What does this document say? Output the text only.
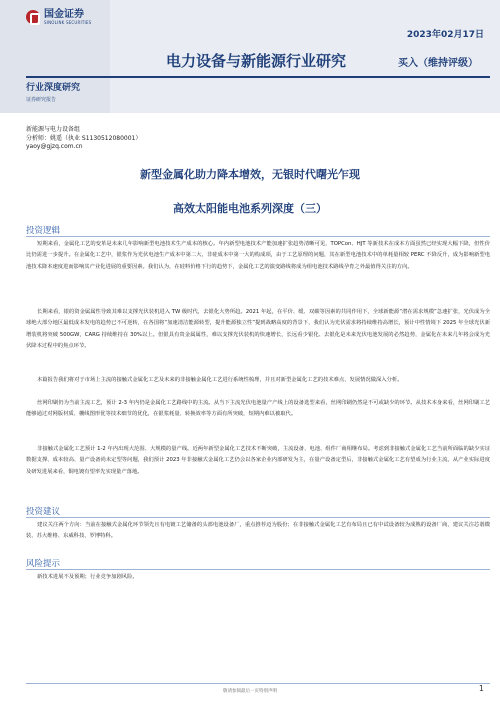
国金证券
SINOLINK SECURITIES
2023年02月17日
电力设备与新能源行业研究	买入（维持评级）
行业深度研究
证券研究报告
新能源与电力设备组
分析师：姚遥（执业 S1130512080001）
yaoy@gjzq.com.cn
新型金属化助力降本增效，无银时代曙光乍现
高效太阳能电池系列深度（三）
投资逻辑
短期来看，金属化工艺的变革是未来几年影响新型电池技术生产成本的核心。年内新型电池技术产能加速扩张趋势清晰可见，TOPCon、HJT 等新技术在成本方面虽然已经实现大幅下降，但性价比仍需进一步提升。在金属化工艺中，银浆作为光伏电池生产成本中第二大、非硅成本中第一大的构成项，由于工艺原理的问题，其在新型电池技术中的单耗量相较 PERC 不降反升，成为影响新型电池技术降本速度进而影响其产业化进展的重要因素。我们认为，在硅料价格下行的趋势下，金属化工艺的演变路线将成为组电池技术路线孕育之外最值得关注的方向。
长期来看，银的资金属属性导致其难以支撑光伏装机进入 TW 级时代，去银化大势所趋。2021 年起，在平价、缓、双碳等因素的共同作用下，全球新能源“潜在需求规模”急速扩张，光伏成为全球绝大部分地区最低成本发电的趋势已不可逆转，在各国将“加速清洁能源转型，提升能源独立性”提到战略高度的背景下，我们认为光伏需求将持续维持高增长，预计中性情境下 2025 年全球光伏新增装机将突破 500GW，CARG 持续维持在 30%以上。但银具有贵金属属性，难以支撑光伏装机的快速增长，长远看少银化、去银化是未来光伏电池发展的必然趋势，金属化在未来几年将会成为光伏降本过程中的焦点环节。
本篇报告我们将对于市场上主流的接触式金属化工艺及未来的非接触金属化工艺进行系统性梳理，并且对新型金属化工艺的技术难点、发展情况做深入分析。
丝网印刷仍为当前主流工艺，预计 2-3 年内仍是金属化工艺路线中的主流。从当下主流光伏电池量产产线上的设备选型来看，丝网印刷仍然是不可或缺少的环节。从技术本身来看，丝网印刷工艺能够通过对网版材质、栅线图形优等技术细节的优化，在银浆耗量、转换效率等方面有所突破，短期内难以被取代。
非接触式金属化工艺预计 1-2 年内出现大范围、大规模的量产线。近两年新型金属化工艺技术不断突破，主流设备、电池、组件厂商相继布局。考虑到非接触式金属化工艺当前所面临的缺少实证数据支撑、成本较高、量产设备尚未定型等问题，我们预计 2023 年非接触式金属化工艺仍会以各家企业内部研发为主，在量产设备定型后，非接触式金属化工艺有望成为行业主流，从产业实际进度及研发进展来看，铜电镀有望率先实现量产落地。
投资建议
建议关注两个方向：当前在接触式金属化环节领先且有电镀工艺储备的头部电池设备厂，重点推荐迈为股份；在非接触式金属化工艺有布局且已有中试设备较为成熟的设备厂商，建议关注芯碁微装、苏大维格、东威科技、罗博特科。
风险提示
新技术进展不及预期；行业竞争加剧风险。
敬请参阅最后一页特别声明	1
